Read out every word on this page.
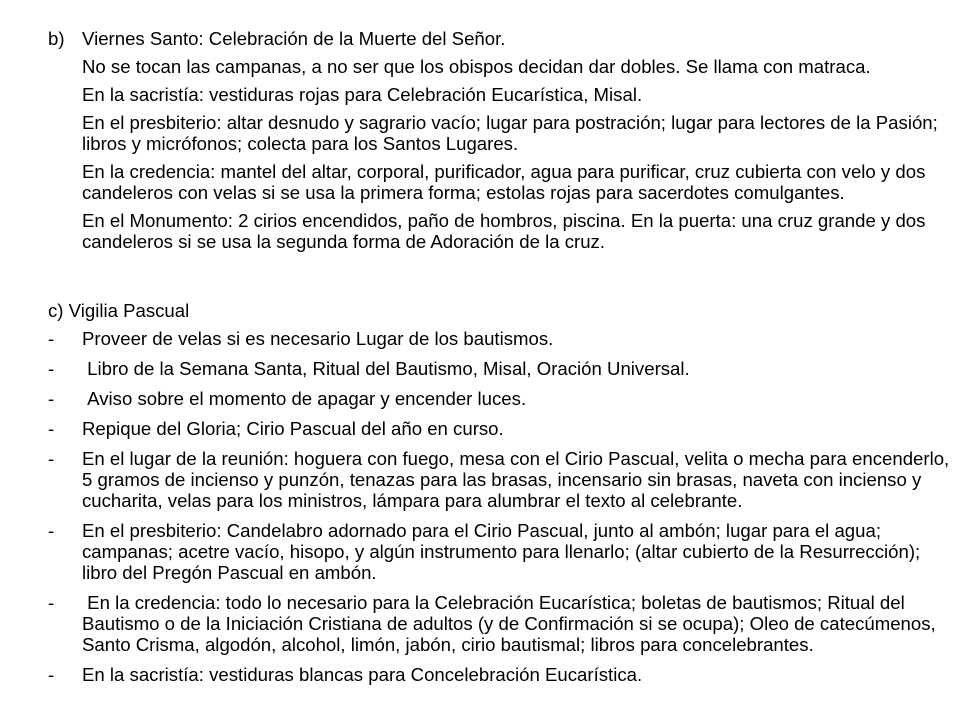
b) Viernes Santo: Celebración de la Muerte del Señor.

No se tocan las campanas, a no ser que los obispos decidan dar dobles. Se llama con matraca.

En la sacristía: vestiduras rojas para Celebración Eucarística, Misal.

En el presbiterio: altar desnudo y sagrario vacío; lugar para postración; lugar para lectores de la Pasión; libros y micrófonos; colecta para los Santos Lugares.

En la credencia: mantel del altar, corporal, purificador, agua para purificar, cruz cubierta con velo y dos candeleros con velas si se usa la primera forma; estolas rojas para sacerdotes comulgantes.

En el Monumento: 2 cirios encendidos, paño de hombros, piscina. En la puerta: una cruz grande y dos candeleros si se usa la segunda forma de Adoración de la cruz.

c) Vigilia Pascual
-	Proveer de velas si es necesario Lugar de los bautismos.
-	Libro de la Semana Santa, Ritual del Bautismo, Misal, Oración Universal.
-	Aviso sobre el momento de apagar y encender luces.
-	Repique del Gloria; Cirio Pascual del año en curso.
-	En el lugar de la reunión: hoguera con fuego, mesa con el Cirio Pascual, velita o mecha para encenderlo, 5 gramos de incienso y punzón, tenazas para las brasas, incensario sin brasas, naveta con incienso y cucharita, velas para los ministros, lámpara para alumbrar el texto al celebrante.
-	En el presbiterio: Candelabro adornado para el Cirio Pascual, junto al ambón; lugar para el agua; campanas; acetre vacío, hisopo, y algún instrumento para llenarlo; (altar cubierto de la Resurrección); libro del Pregón Pascual en ambón.
-	En la credencia: todo lo necesario para la Celebración Eucarística; boletas de bautismos; Ritual del Bautismo o de la Iniciación Cristiana de adultos (y de Confirmación si se ocupa); Oleo de catecúmenos, Santo Crisma, algodón, alcohol, limón, jabón, cirio bautismal; libros para concelebrantes.
-	En la sacristía: vestiduras blancas para Concelebración Eucarística.
